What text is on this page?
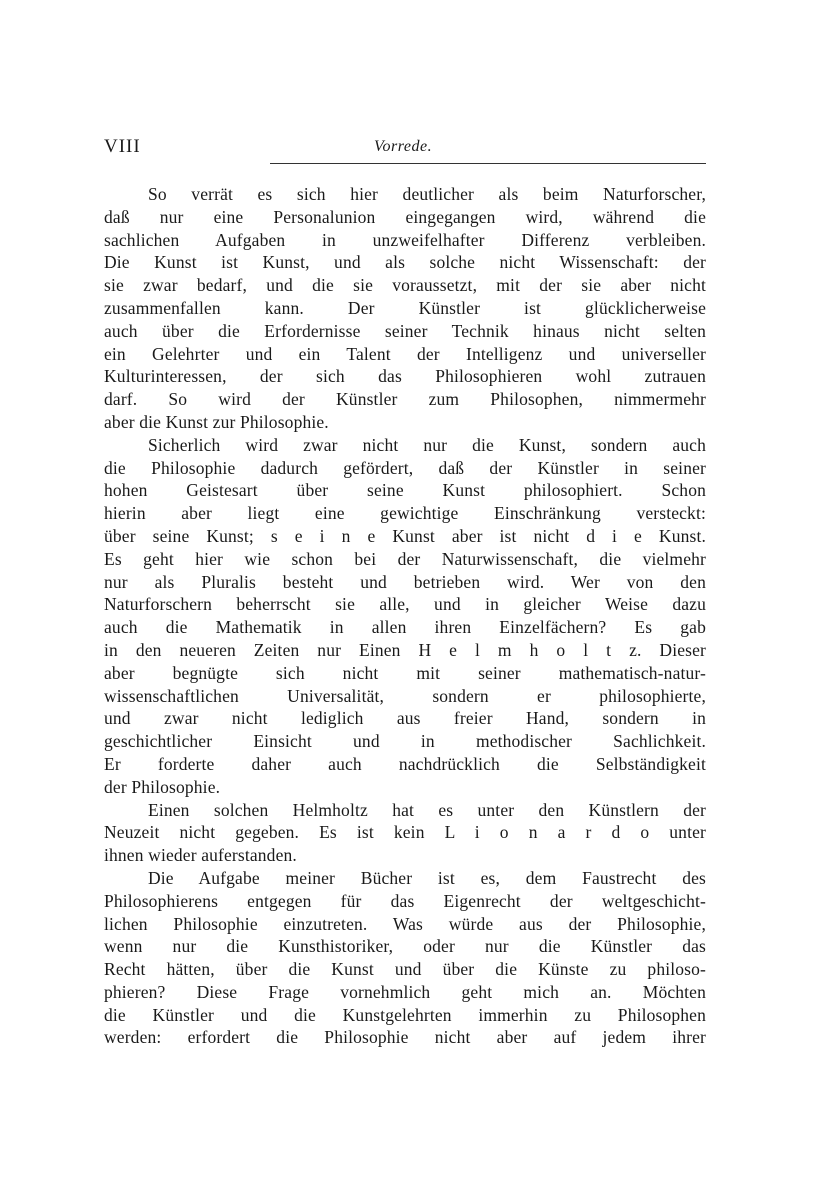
VIII	Vorrede.
So verrät es sich hier deutlicher als beim Naturforscher,
daß nur eine Personalunion eingegangen wird, während die
sachlichen Aufgaben in unzweifelhafter Differenz verbleiben.
Die Kunst ist Kunst, und als solche nicht Wissenschaft: der
sie zwar bedarf, und die sie voraussetzt, mit der sie aber nicht
zusammenfallen kann. Der Künstler ist glücklicherweise
auch über die Erfordernisse seiner Technik hinaus nicht selten
ein Gelehrter und ein Talent der Intelligenz und universeller
Kulturinteressen, der sich das Philosophieren wohl zutrauen
darf. So wird der Künstler zum Philosophen, nimmermehr
aber die Kunst zur Philosophie.
Sicherlich wird zwar nicht nur die Kunst, sondern auch
die Philosophie dadurch gefördert, daß der Künstler in seiner
hohen Geistesart über seine Kunst philosophiert. Schon
hierin aber liegt eine gewichtige Einschränkung versteckt:
über seine Kunst; s e i n e Kunst aber ist nicht d i e Kunst.
Es geht hier wie schon bei der Naturwissenschaft, die vielmehr
nur als Pluralis besteht und betrieben wird. Wer von den
Naturforschern beherrscht sie alle, und in gleicher Weise dazu
auch die Mathematik in allen ihren Einzelfächern? Es gab
in den neueren Zeiten nur Einen H e l m h o l t z. Dieser
aber begnügte sich nicht mit seiner mathematisch-natur-
wissenschaftlichen Universalität, sondern er philosophierte,
und zwar nicht lediglich aus freier Hand, sondern in
geschichtlicher Einsicht und in methodischer Sachlichkeit.
Er forderte daher auch nachdrücklich die Selbständigkeit
der Philosophie.
Einen solchen Helmholtz hat es unter den Künstlern der
Neuzeit nicht gegeben. Es ist kein L i o n a r d o unter
ihnen wieder auferstanden.
Die Aufgabe meiner Bücher ist es, dem Faustrecht des
Philosophierens entgegen für das Eigenrecht der weltgeschicht-
lichen Philosophie einzutreten. Was würde aus der Philosophie,
wenn nur die Kunsthistoriker, oder nur die Künstler das
Recht hätten, über die Kunst und über die Künste zu philoso-
phieren? Diese Frage vornehmlich geht mich an. Möchten
die Künstler und die Kunstgelehrten immerhin zu Philosophen
werden: erfordert die Philosophie nicht aber auf jedem ihrer
